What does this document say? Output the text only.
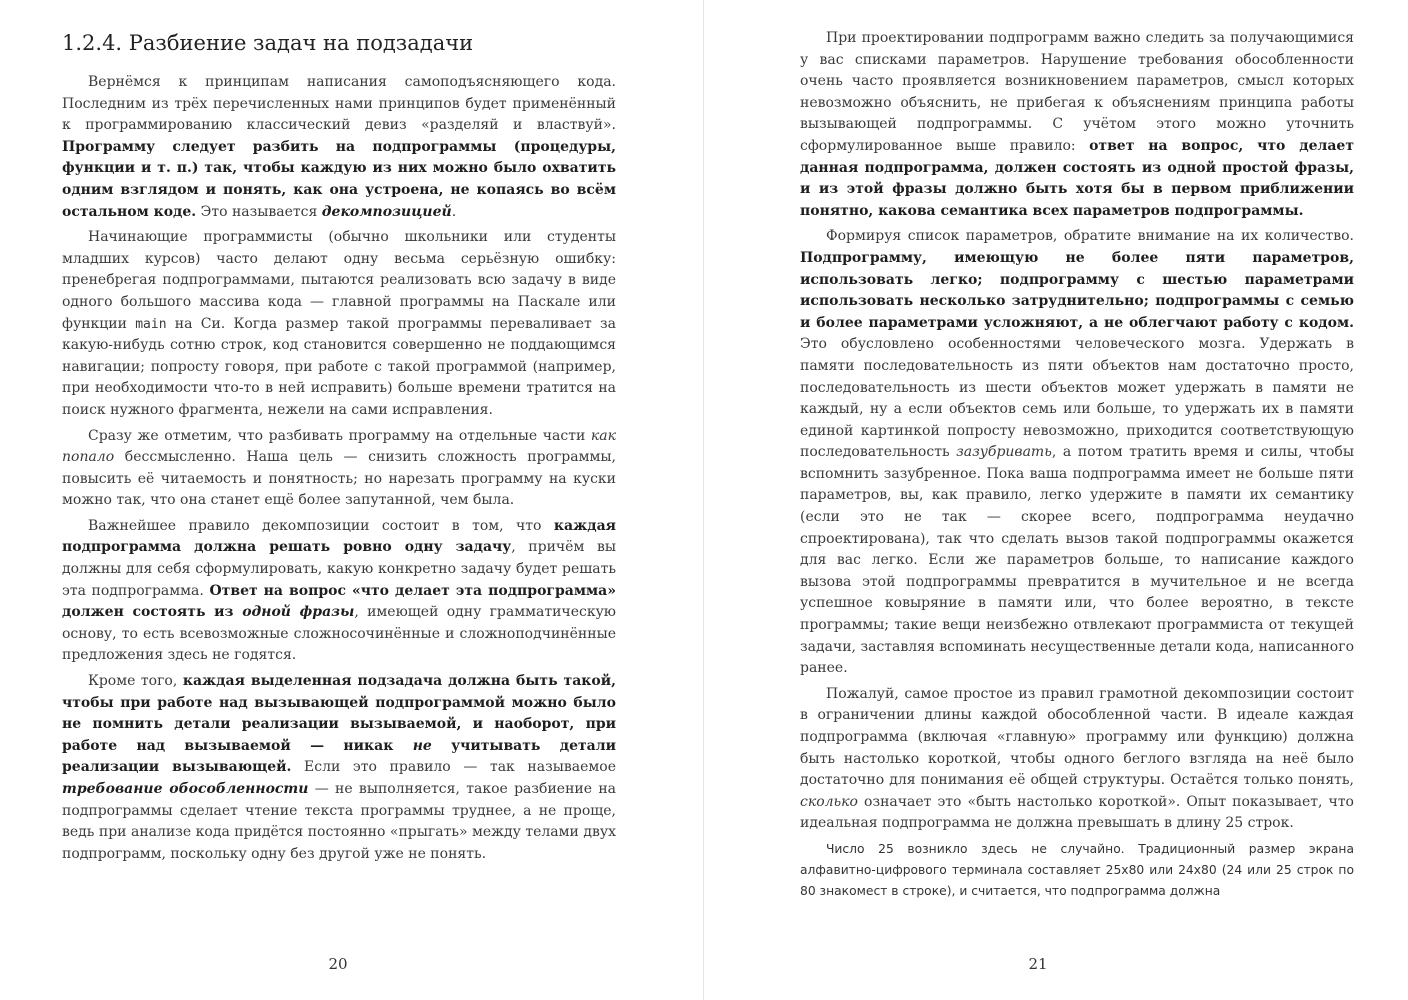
1.2.4. Разбиение задач на подзадачи

Вернёмся к принципам написания самоподъясняющего кода. Последним из трёх перечисленных нами принципов будет применённый к программированию классический девиз «разделяй и властвуй». Программу следует разбить на подпрограммы (процедуры, функции и т. п.) так, чтобы каждую из них можно было охватить одним взглядом и понять, как она устроена, не копаясь во всём остальном коде. Это называется декомпозицией.

Начинающие программисты (обычно школьники или студенты младших курсов) часто делают одну весьма серьёзную ошибку: пренебрегая подпрограммами, пытаются реализовать всю задачу в виде одного большого массива кода — главной программы на Паскале или функции main на Си. Когда размер такой программы переваливает за какую-нибудь сотню строк, код становится совершенно не поддающимся навигации; попросту говоря, при работе с такой программой (например, при необходимости что-то в ней исправить) больше времени тратится на поиск нужного фрагмента, нежели на сами исправления.

Сразу же отметим, что разбивать программу на отдельные части как попало бессмысленно. Наша цель — снизить сложность программы, повысить её читаемость и понятность; но нарезать программу на куски можно так, что она станет ещё более запутанной, чем была.

Важнейшее правило декомпозиции состоит в том, что каждая подпрограмма должна решать ровно одну задачу, причём вы должны для себя сформулировать, какую конкретно задачу будет решать эта подпрограмма. Ответ на вопрос «что делает эта подпрограмма» должен состоять из одной фразы, имеющей одну грамматическую основу, то есть всевозможные сложносочинённые и сложноподчинённые предложения здесь не годятся.

Кроме того, каждая выделенная подзадача должна быть такой, чтобы при работе над вызывающей подпрограммой можно было не помнить детали реализации вызываемой, и наоборот, при работе над вызываемой — никак не учитывать детали реализации вызывающей. Если это правило — так называемое требование обособленности — не выполняется, такое разбиение на подпрограммы сделает чтение текста программы труднее, а не проще, ведь при анализе кода придётся постоянно «прыгать» между телами двух подпрограмм, поскольку одну без другой уже не понять.

20

При проектировании подпрограмм важно следить за получающимися у вас списками параметров. Нарушение требования обособленности очень часто проявляется возникновением параметров, смысл которых невозможно объяснить, не прибегая к объяснениям принципа работы вызывающей подпрограммы. С учётом этого можно уточнить сформулированное выше правило: ответ на вопрос, что делает данная подпрограмма, должен состоять из одной простой фразы, и из этой фразы должно быть хотя бы в первом приближении понятно, какова семантика всех параметров подпрограммы.

Формируя список параметров, обратите внимание на их количество. Подпрограмму, имеющую не более пяти параметров, использовать легко; подпрограмму с шестью параметрами использовать несколько затруднительно; подпрограммы с семью и более параметрами усложняют, а не облегчают работу с кодом. Это обусловлено особенностями человеческого мозга. Удержать в памяти последовательность из пяти объектов нам достаточно просто, последовательность из шести объектов может удержать в памяти не каждый, ну а если объектов семь или больше, то удержать их в памяти единой картинкой попросту невозможно, приходится соответствующую последовательность зазубривать, а потом тратить время и силы, чтобы вспомнить зазубренное. Пока ваша подпрограмма имеет не больше пяти параметров, вы, как правило, легко удержите в памяти их семантику (если это не так — скорее всего, подпрограмма неудачно спроектирована), так что сделать вызов такой подпрограммы окажется для вас легко. Если же параметров больше, то написание каждого вызова этой подпрограммы превратится в мучительное и не всегда успешное ковыряние в памяти или, что более вероятно, в тексте программы; такие вещи неизбежно отвлекают программиста от текущей задачи, заставляя вспоминать несущественные детали кода, написанного ранее.

Пожалуй, самое простое из правил грамотной декомпозиции состоит в ограничении длины каждой обособленной части. В идеале каждая подпрограмма (включая «главную» программу или функцию) должна быть настолько короткой, чтобы одного беглого взгляда на неё было достаточно для понимания её общей структуры. Остаётся только понять, сколько означает это «быть настолько короткой». Опыт показывает, что идеальная подпрограмма не должна превышать в длину 25 строк.

Число 25 возникло здесь не случайно. Традиционный размер экрана алфавитно-цифрового терминала составляет 25x80 или 24x80 (24 или 25 строк по 80 знакомест в строке), и считается, что подпрограмма должна
21
